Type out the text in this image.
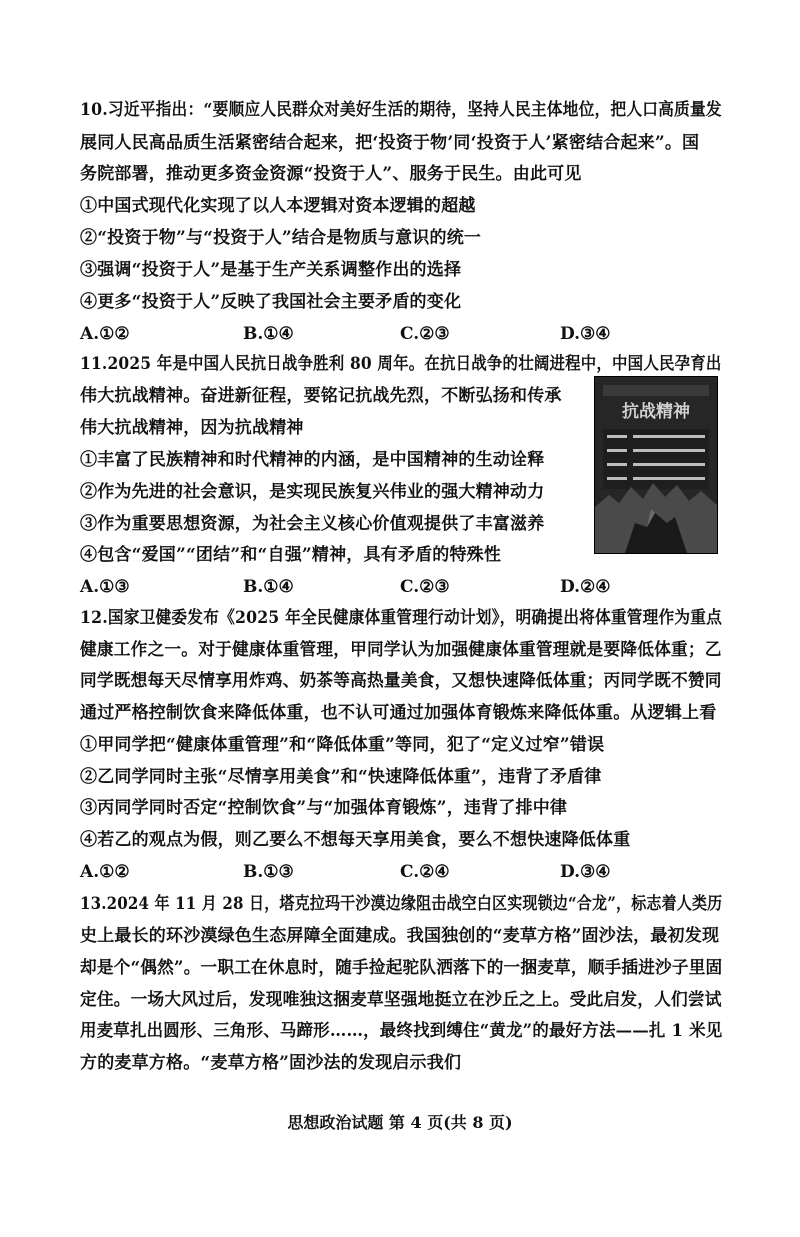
10.习近平指出：“要顺应人民群众对美好生活的期待，坚持人民主体地位，把人口高质量发
展同人民高品质生活紧密结合起来，把‘投资于物’同‘投资于人’紧密结合起来”。国
务院部署，推动更多资金资源“投资于人”、服务于民生。由此可见
①中国式现代化实现了以人本逻辑对资本逻辑的超越
②“投资于物”与“投资于人”结合是物质与意识的统一
③强调“投资于人”是基于生产关系调整作出的选择
④更多“投资于人”反映了我国社会主要矛盾的变化
A.①②	B.①④	C.②③	D.③④
11.2025 年是中国人民抗日战争胜利 80 周年。在抗日战争的壮阔进程中，中国人民孕育出
伟大抗战精神。奋进新征程，要铭记抗战先烈，不断弘扬和传承
伟大抗战精神，因为抗战精神
①丰富了民族精神和时代精神的内涵，是中国精神的生动诠释
②作为先进的社会意识，是实现民族复兴伟业的强大精神动力
③作为重要思想资源，为社会主义核心价值观提供了丰富滋养
④包含“爱国”“团结”和“自强”精神，具有矛盾的特殊性
抗战精神
A.①③	B.①④	C.②③	D.②④
12.国家卫健委发布《2025 年全民健康体重管理行动计划》，明确提出将体重管理作为重点
健康工作之一。对于健康体重管理，甲同学认为加强健康体重管理就是要降低体重；乙
同学既想每天尽情享用炸鸡、奶茶等高热量美食，又想快速降低体重；丙同学既不赞同
通过严格控制饮食来降低体重，也不认可通过加强体育锻炼来降低体重。从逻辑上看
①甲同学把“健康体重管理”和“降低体重”等同，犯了“定义过窄”错误
②乙同学同时主张“尽情享用美食”和“快速降低体重”，违背了矛盾律
③丙同学同时否定“控制饮食”与“加强体育锻炼”，违背了排中律
④若乙的观点为假，则乙要么不想每天享用美食，要么不想快速降低体重
A.①②	B.①③	C.②④	D.③④
13.2024 年 11 月 28 日，塔克拉玛干沙漠边缘阻击战空白区实现锁边“合龙”，标志着人类历
史上最长的环沙漠绿色生态屏障全面建成。我国独创的“麦草方格”固沙法，最初发现
却是个“偶然”。一职工在休息时，随手捡起驼队洒落下的一捆麦草，顺手插进沙子里固
定住。一场大风过后，发现唯独这捆麦草坚强地挺立在沙丘之上。受此启发，人们尝试
用麦草扎出圆形、三角形、马蹄形……，最终找到缚住“黄龙”的最好方法——扎 1 米见
方的麦草方格。“麦草方格”固沙法的发现启示我们
思想政治试题 第 4 页(共 8 页)
